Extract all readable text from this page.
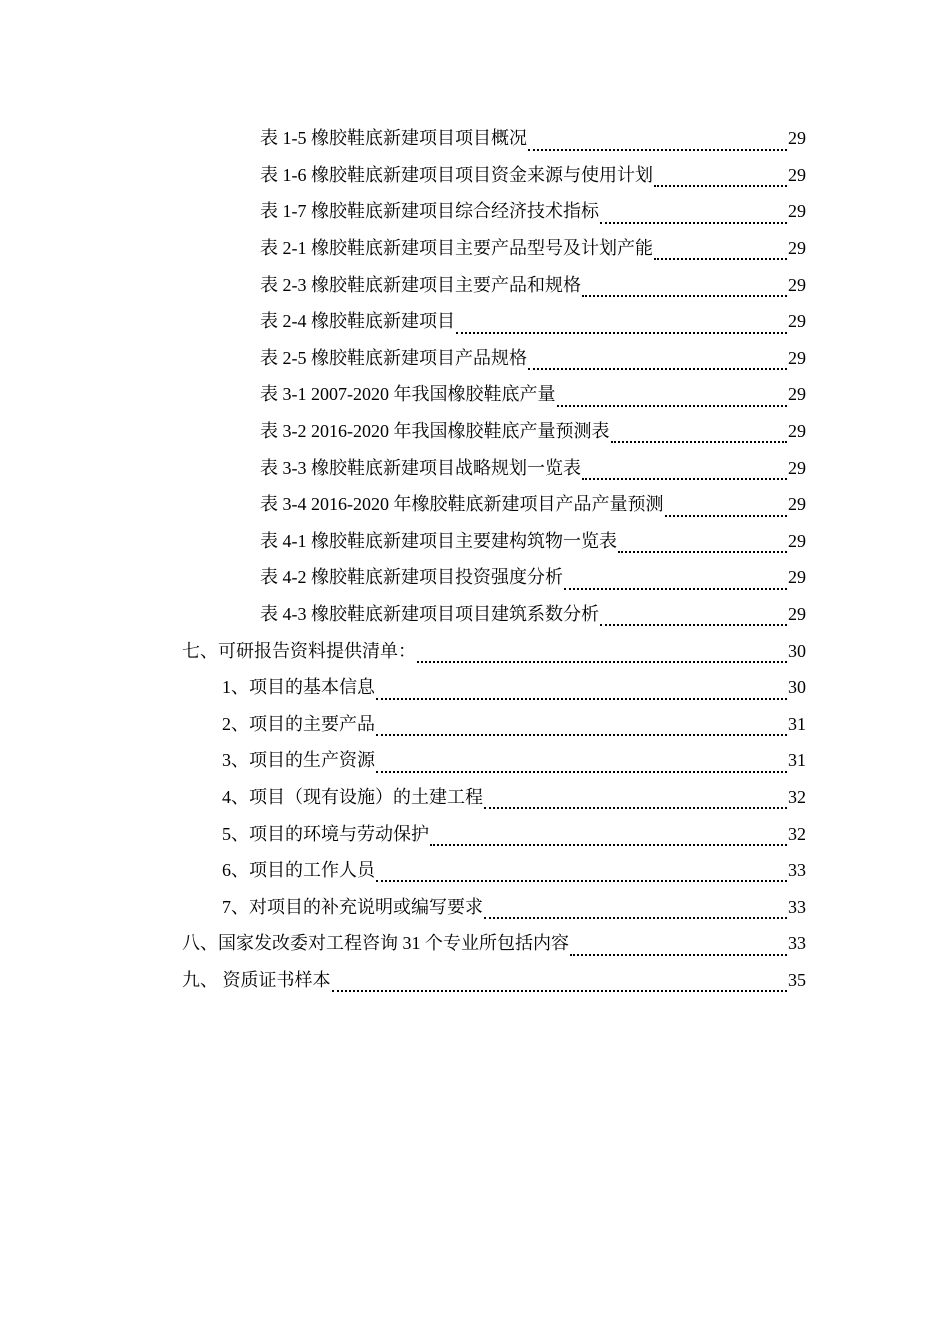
表 1-5 橡胶鞋底新建项目项目概况	29
表 1-6 橡胶鞋底新建项目项目资金来源与使用计划	29
表 1-7 橡胶鞋底新建项目综合经济技术指标	29
表 2-1 橡胶鞋底新建项目主要产品型号及计划产能	29
表 2-3 橡胶鞋底新建项目主要产品和规格	29
表 2-4 橡胶鞋底新建项目	29
表 2-5 橡胶鞋底新建项目产品规格	29
表 3-1 2007-2020 年我国橡胶鞋底产量	29
表 3-2 2016-2020 年我国橡胶鞋底产量预测表	29
表 3-3 橡胶鞋底新建项目战略规划一览表	29
表 3-4 2016-2020 年橡胶鞋底新建项目产品产量预测	29
表 4-1 橡胶鞋底新建项目主要建构筑物一览表	29
表 4-2 橡胶鞋底新建项目投资强度分析	29
表 4-3 橡胶鞋底新建项目项目建筑系数分析	29
七、可研报告资料提供清单：	30
1、项目的基本信息	30
2、项目的主要产品	31
3、项目的生产资源	31
4、项目（现有设施）的土建工程	32
5、项目的环境与劳动保护	32
6、项目的工作人员	33
7、对项目的补充说明或编写要求	33
八、国家发改委对工程咨询 31 个专业所包括内容	33
九、 资质证书样本	35
